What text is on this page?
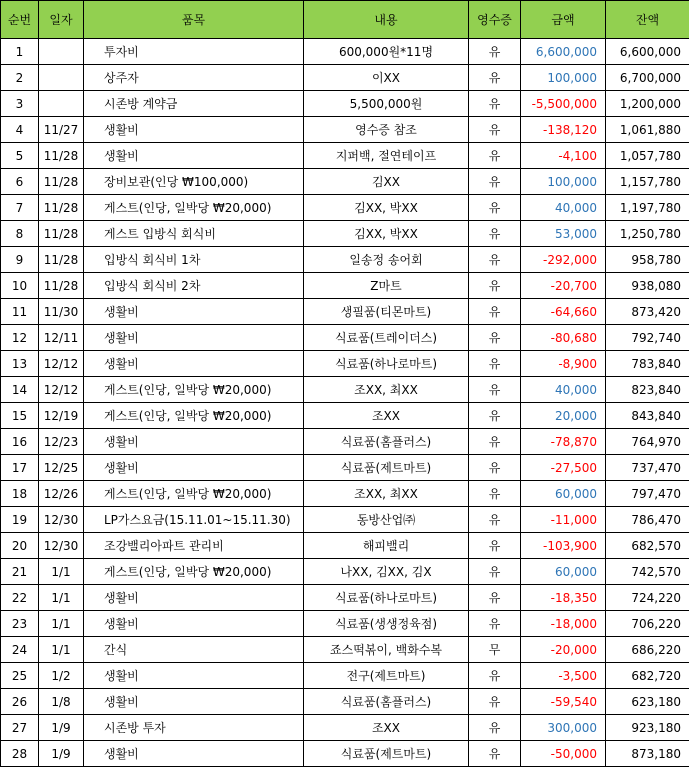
순번	일자	품목	내용	영수증	금액	잔액
1		투자비	600,000원*11명	유	6,600,000	6,600,000
2		상주자	이XX	유	100,000	6,700,000
3		시존방 계약금	5,500,000원	유	-5,500,000	1,200,000
4	11/27	생활비	영수증 참조	유	-138,120	1,061,880
5	11/28	생활비	지퍼백, 절연테이프	유	-4,100	1,057,780
6	11/28	장비보관(인당 ₩100,000)	김XX	유	100,000	1,157,780
7	11/28	게스트(인당, 일박당 ₩20,000)	김XX, 박XX	유	40,000	1,197,780
8	11/28	게스트 입방식 회식비	김XX, 박XX	유	53,000	1,250,780
9	11/28	입방식 회식비 1차	일송정 송어회	유	-292,000	958,780
10	11/28	입방식 회식비 2차	Z마트	유	-20,700	938,080
11	11/30	생활비	생필품(티몬마트)	유	-64,660	873,420
12	12/11	생활비	식료품(트레이더스)	유	-80,680	792,740
13	12/12	생활비	식료품(하나로마트)	유	-8,900	783,840
14	12/12	게스트(인당, 일박당 ₩20,000)	조XX, 최XX	유	40,000	823,840
15	12/19	게스트(인당, 일박당 ₩20,000)	조XX	유	20,000	843,840
16	12/23	생활비	식료품(홈플러스)	유	-78,870	764,970
17	12/25	생활비	식료품(제트마트)	유	-27,500	737,470
18	12/26	게스트(인당, 일박당 ₩20,000)	조XX, 최XX	유	60,000	797,470
19	12/30	LP가스요금(15.11.01~15.11.30)	동방산업㈜	유	-11,000	786,470
20	12/30	조강밸리아파트 관리비	해피밸리	유	-103,900	682,570
21	1/1	게스트(인당, 일박당 ₩20,000)	나XX, 김XX, 김X	유	60,000	742,570
22	1/1	생활비	식료품(하나로마트)	유	-18,350	724,220
23	1/1	생활비	식료품(생생정육점)	유	-18,000	706,220
24	1/1	간식	죠스떡볶이, 백화수복	무	-20,000	686,220
25	1/2	생활비	전구(제트마트)	유	-3,500	682,720
26	1/8	생활비	식료품(홈플러스)	유	-59,540	623,180
27	1/9	시존방 투자	조XX	유	300,000	923,180
28	1/9	생활비	식료품(제트마트)	유	-50,000	873,180
